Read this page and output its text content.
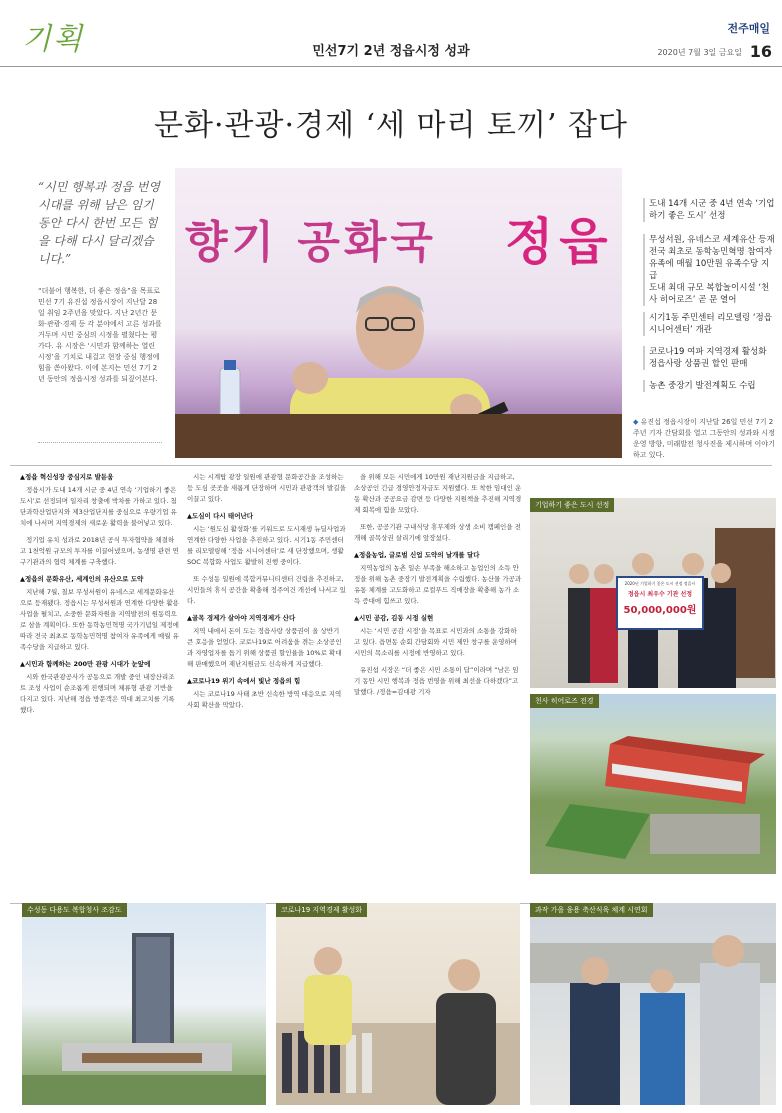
기획	민선7기 2년 정읍시정 성과
전주매일
2020년 7월 3일 금요일 16
문화·관광·경제 ‘세 마리 토끼’ 잡다
“시민 행복과 정읍 번영시대를 위해 남은 임기 동안 다시 한번 모든 힘을 다해 다시 달리겠습니다.”
“더불어 행복한, 더 좋은 정읍”을 목표로 민선 7기 유진섭 정읍시장이 지난달 28일 취임 2주년을 맞았다. 지난 2년간 문화·관광·경제 등 각 분야에서 고른 성과를 거두며 시민 중심의 시정을 펼쳤다는 평가다. 유 시장은 ‘시민과 함께하는 열린 시정’을 기치로 내걸고 현장 중심 행정에 힘을 쏟아왔다. 이에 본지는 민선 7기 2년 동안의 정읍시정 성과를 되짚어본다.
향기 공화국 정읍
도내 14개 시군 중 4년 연속 ‘기업하기 좋은 도시’ 선정
무성서원, 유네스코 세계유산 등재 전국 최초로 동학농민혁명 참여자 유족에 매월 10만원 유족수당 지급
도내 최대 규모 복합놀이시설 ‘천사 히어로즈’ 곧 문 열어
시기1동 주민센터 리모델링 ‘정읍 시니어센터’ 개관
코로나19 여파 지역경제 활성화 정읍사랑 상품권 할인 판매
농촌 중장기 발전계획도 수립
◆ 유진섭 정읍시장이 지난달 26일 민선 7기 2주년 기자 간담회를 열고 그동안의 성과와 시정 운영 방향, 미래발전 청사진을 제시하며 이야기하고 있다.

▲정읍 혁신성장 중심지로 발돋움

정읍시가 도내 14개 시군 중 4년 연속 ‘기업하기 좋은 도시’로 선정되며 일자리 창출에 박차를 가하고 있다. 첨단과학산업단지와 제3산업단지를 중심으로 우량기업 유치에 나서며 지역경제의 새로운 활력을 불어넣고 있다.

정기업 유치 성과로 2018년 공식 투자협약을 체결하고 1천억원 규모의 투자를 이끌어냈으며, 농생명 관련 연구기관과의 협력 체계를 구축했다.

▲정읍의 문화유산, 세계인의 유산으로 도약

지난해 7월, 칠보 무성서원이 유네스코 세계문화유산으로 등재됐다. 정읍시는 무성서원과 연계한 다양한 활용사업을 펼치고, 소중한 문화자원을 지역발전의 원동력으로 삼을 계획이다. 또한 동학농민혁명 국가기념일 제정에 따라 전국 최초로 동학농민혁명 참여자 유족에게 매월 유족수당을 지급하고 있다.

▲시민과 함께하는 200만 관광 시대가 눈앞에

시와 한국관광공사가 공동으로 개발 중인 내장산리조트 조성 사업이 순조롭게 진행되며 체류형 관광 기반을 다지고 있다. 지난해 정읍 방문객은 역대 최고치를 기록했다.

시는 시계탑 광장 일원에 관광형 문화공간을 조성하는 등 도심 곳곳을 새롭게 단장하며 시민과 관광객의 발길을 이끌고 있다.

▲도심이 다시 태어난다

시는 ‘원도심 활성화’를 키워드로 도시재생 뉴딜사업과 연계한 다양한 사업을 추진하고 있다. 시기1동 주민센터를 리모델링해 ‘정읍 시니어센터’로 새 단장했으며, 생활SOC 복합화 사업도 활발히 진행 중이다.

또 수성동 일원에 복합커뮤니티센터 건립을 추진하고, 시민들의 휴식 공간을 확충해 정주여건 개선에 나서고 있다.

▲골목 경제가 살아야 지역경제가 산다

지역 내에서 돈이 도는 정읍사랑 상품권이 올 상반기 큰 호응을 얻었다. 코로나19로 어려움을 겪는 소상공인과 자영업자를 돕기 위해 상품권 할인율을 10%로 확대해 판매했으며 재난지원금도 신속하게 지급했다.

▲코로나19 위기 속에서 빛난 정읍의 힘

시는 코로나19 사태 초반 신속한 방역 대응으로 지역사회 확산을 막았다.

을 위해 모든 시민에게 10만원 재난지원금을 지급하고, 소상공인 긴급 경영안정자금도 지원했다. 또 착한 임대인 운동 확산과 공공요금 감면 등 다양한 지원책을 추진해 지역경제 회복에 힘을 모았다.

또한, 공공기관 구내식당 휴무제와 상생 소비 캠페인을 전개해 골목상권 살리기에 앞장섰다.

▲정읍농업, 글로벌 신업 도약의 날개를 달다

지역농업의 농촌 일손 부족을 해소하고 농업인의 소득 안정을 위해 농촌 중장기 발전계획을 수립했다. 농산물 가공과 유통 체계를 고도화하고 로컬푸드 직매장을 확충해 농가 소득 증대에 힘쓰고 있다.

▲시민 공감, 김동 시정 실현

시는 ‘시민 공감 시정’을 목표로 시민과의 소통을 강화하고 있다. 읍면동 순회 간담회와 시민 제안 창구를 운영하며 시민의 목소리를 시정에 반영하고 있다.

유진섭 시장은 “더 좋은 시민 소통이 답”이라며 “남은 임기 동안 시민 행복과 정읍 번영을 위해 최선을 다하겠다”고 말했다. /정읍=김대광 기자

기업하기 좋은 도시 선정
2020년 기업하기 좋은 도시 선정 정읍시
정읍시 최우수 기관 선정
50,000,000원
천사 히어로즈 전경
수성동 다용도 복합청사 조감도	코로나19 지역경제 활성화	과작 가을 융용 축산식육 체계 시연회
